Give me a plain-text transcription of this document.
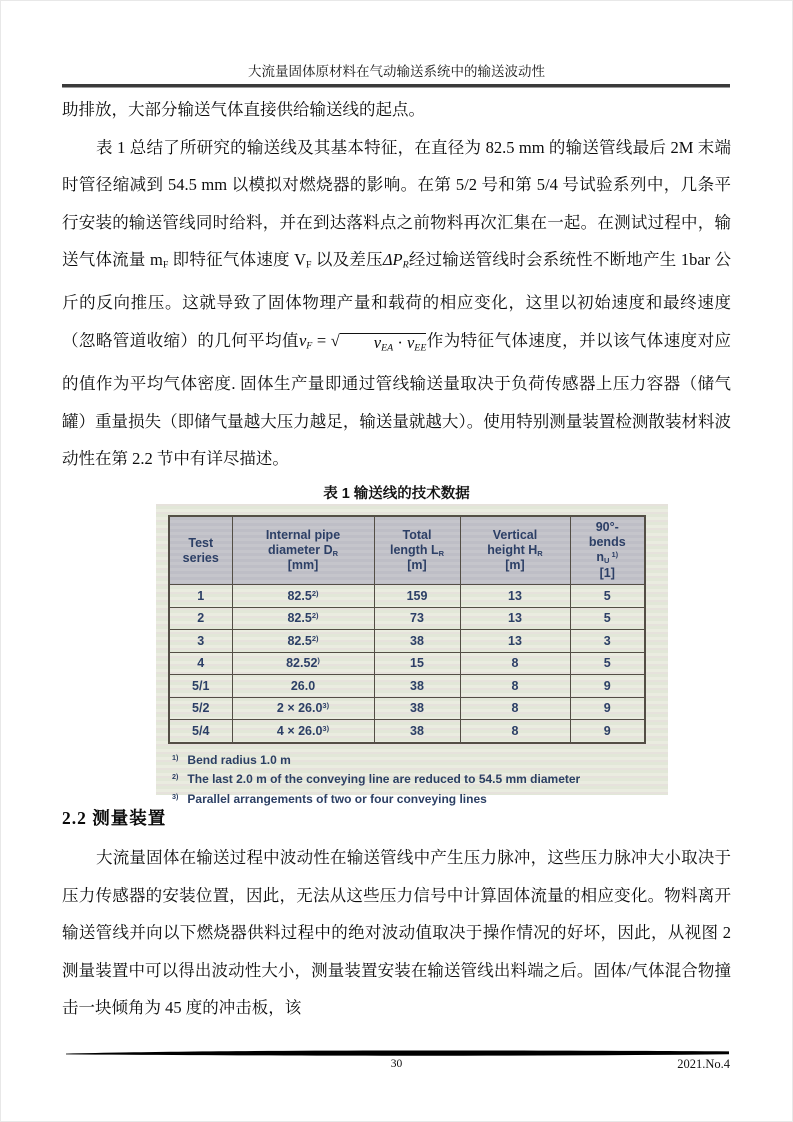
大流量固体原材料在气动输送系统中的输送波动性

助排放，大部分输送气体直接供给输送线的起点。

表 1 总结了所研究的输送线及其基本特征，在直径为 82.5 mm 的输送管线最后 2M 末端时管径缩减到 54.5 mm 以模拟对燃烧器的影响。在第 5/2 号和第 5/4 号试验系列中，几条平行安装的输送管线同时给料，并在到达落料点之前物料再次汇集在一起。在测试过程中，输送气体流量 mF 即特征气体速度 VF 以及差压ΔPR经过输送管线时会系统性不断地产生 1bar 公斤的反向推压。这就导致了固体物理产量和载荷的相应变化，这里以初始速度和最终速度（忽略管道收缩）的几何平均值vF = √ vEA · vEE作为特征气体速度，并以该气体速度对应的值作为平均气体密度. 固体生产量即通过管线输送量取决于负荷传感器上压力容器（储气罐）重量损失（即储气量越大压力越足，输送量就越大）。使用特别测量装置检测散装材料波动性在第 2.2 节中有详尽描述。

表 1 输送线的技术数据
Test
series	Internal pipe
diameter DR
[mm]	Total
length LR
[m]	Vertical
height HR
[m]	90°-
bends
nU $^{1)}$
[1]

1	82.5$^{2)}$	159	13	5
2	82.5$^{2)}$	73	13	5
3	82.5$^{2)}$	38	13	3
4	82.52)	15	8	5
5/1	26.0	38	8	9
5/2	$2 \times 26.0^{3)}$	38	8	9
5/4	$4 \times 26.0^{3)}$	38	8	9
$^{1)}$ Bend radius 1.0 m
$^{2)}$ The last 2.0 m of the conveying line are reduced to 54.5 mm diameter
$^{3)}$ Parallel arrangements of two or four conveying lines
2.2 测量装置

大流量固体在输送过程中波动性在输送管线中产生压力脉冲，这些压力脉冲大小取决于压力传感器的安装位置，因此，无法从这些压力信号中计算固体流量的相应变化。物料离开输送管线并向以下燃烧器供料过程中的绝对波动值取决于操作情况的好坏，因此，从视图 2 测量装置中可以得出波动性大小，测量装置安装在输送管线出料端之后。固体/气体混合物撞击一块倾角为 45 度的冲击板，该

30	2021.No.4
